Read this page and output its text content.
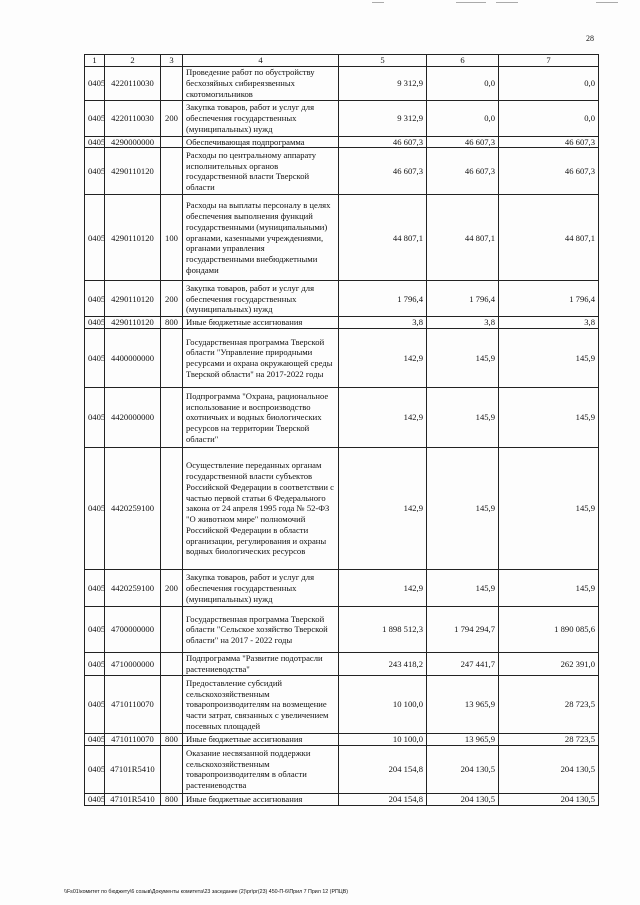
28
1	2	3	4	5	6	7
0405	4220110030		Проведение работ по обустройству бесхозяйных сибиреязвенных скотомогильников	9 312,9	0,0	0,0
0405	4220110030	200	Закупка товаров, работ и услуг для обеспечения государственных (муниципальных) нужд	9 312,9	0,0	0,0
0405	4290000000		Обеспечивающая подпрограмма	46 607,3	46 607,3	46 607,3
0405	4290110120		Расходы по центральному аппарату исполнительных органов государственной власти Тверской области	46 607,3	46 607,3	46 607,3
0405	4290110120	100	Расходы на выплаты персоналу в целях обеспечения выполнения функций государственными (муниципальными) органами, казенными учреждениями, органами управления государственными внебюджетными фондами	44 807,1	44 807,1	44 807,1
0405	4290110120	200	Закупка товаров, работ и услуг для обеспечения государственных (муниципальных) нужд	1 796,4	1 796,4	1 796,4
0405	4290110120	800	Иные бюджетные ассигнования	3,8	3,8	3,8
0405	4400000000		Государственная программа Тверской области "Управление природными ресурсами и охрана окружающей среды Тверской области" на 2017-2022 годы	142,9	145,9	145,9
0405	4420000000		Подпрограмма "Охрана, рациональное использование и воспроизводство охотничьих и водных биологических ресурсов на территории Тверской области"	142,9	145,9	145,9
0405	4420259100		Осуществление переданных органам государственной власти субъектов Российской Федерации в соответствии с частью первой статьи 6 Федерального закона от 24 апреля 1995 года № 52-ФЗ "О животном мире" полномочий Российской Федерации в области организации, регулирования и охраны водных биологических ресурсов	142,9	145,9	145,9
0405	4420259100	200	Закупка товаров, работ и услуг для обеспечения государственных (муниципальных) нужд	142,9	145,9	145,9
0405	4700000000		Государственная программа Тверской области "Сельское хозяйство Тверской области" на 2017 - 2022 годы	1 898 512,3	1 794 294,7	1 890 085,6
0405	4710000000		Подпрограмма "Развитие подотрасли растениеводства"	243 418,2	247 441,7	262 391,0
0405	4710110070		Предоставление субсидий сельскохозяйственным товаропроизводителям на возмещение части затрат, связанных с увеличением посевных площадей	10 100,0	13 965,9	28 723,5
0405	4710110070	800	Иные бюджетные ассигнования	10 100,0	13 965,9	28 723,5
0405	47101R5410		Оказание несвязанной поддержки сельскохозяйственным товаропроизводителям в области растениеводства	204 154,8	204 130,5	204 130,5
0405	47101R5410	800	Иные бюджетные ассигнования	204 154,8	204 130,5	204 130,5
\\Fs01\комитет по бюджету\6 созыв\Документы комитета\23 заседание (2)\pr\pr(23) 450-П-6\Прил 7 Прил 12 (РПЦВ)
